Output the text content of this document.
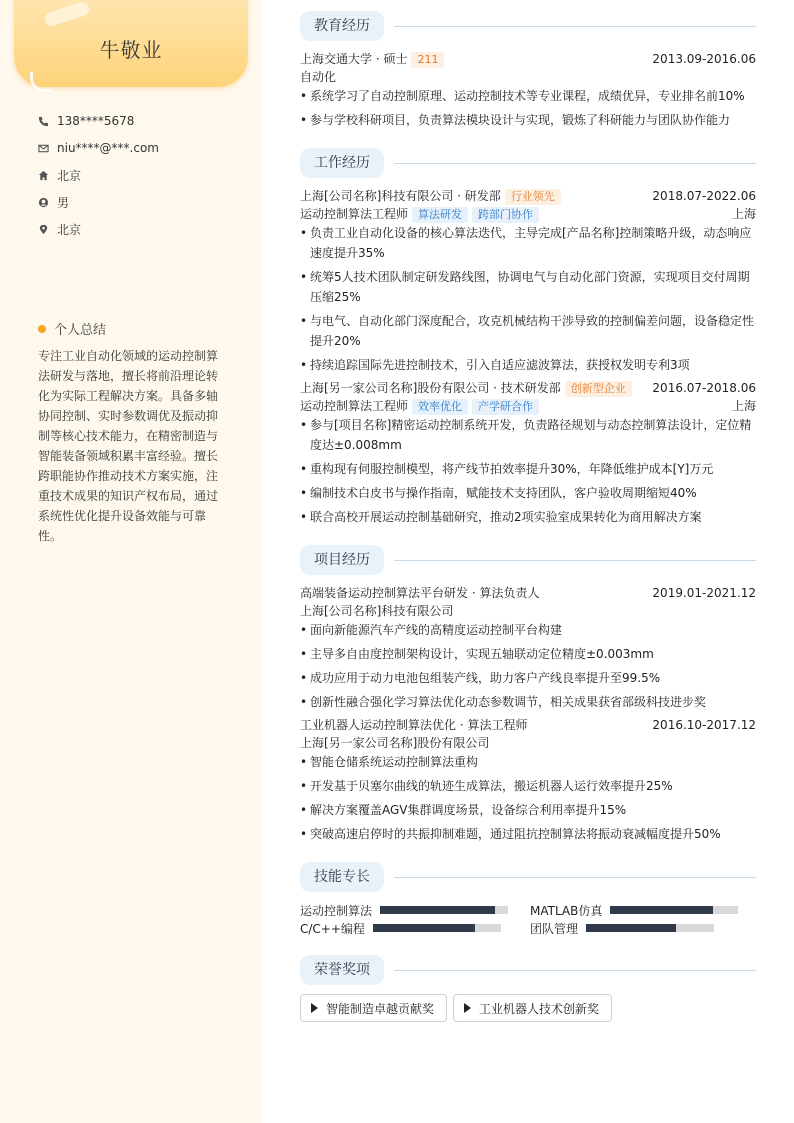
牛敬业
138****5678
niu****@***.com
北京
男
北京
个人总结
专注工业自动化领域的运动控制算法研发与落地，擅长将前沿理论转化为实际工程解决方案。具备多轴协同控制、实时参数调优及振动抑制等核心技术能力，在精密制造与智能装备领域积累丰富经验。擅长跨职能协作推动技术方案实施，注重技术成果的知识产权布局，通过系统性优化提升设备效能与可靠性。
教育经历
上海交通大学 · 硕士 211	2013.09-2016.06
自动化
• 系统学习了自动控制原理、运动控制技术等专业课程，成绩优异，专业排名前10%
• 参与学校科研项目，负责算法模块设计与实现，锻炼了科研能力与团队协作能力
工作经历
上海[公司名称]科技有限公司 · 研发部 行业领先	2018.07-2022.06
运动控制算法工程师 算法研发 跨部门协作	上海
• 负责工业自动化设备的核心算法迭代，主导完成[产品名称]控制策略升级，动态响应速度提升35%
• 统筹5人技术团队制定研发路线图，协调电气与自动化部门资源，实现项目交付周期压缩25%
• 与电气、自动化部门深度配合，攻克机械结构干涉导致的控制偏差问题，设备稳定性提升20%
• 持续追踪国际先进控制技术，引入自适应滤波算法，获授权发明专利3项
上海[另一家公司名称]股份有限公司 · 技术研发部 创新型企业 2016.07-2018.06
运动控制算法工程师 效率优化 产学研合作	上海
• 参与[项目名称]精密运动控制系统开发，负责路径规划与动态控制算法设计，定位精度达±0.008mm
• 重构现有伺服控制模型，将产线节拍效率提升30%，年降低维护成本[Y]万元
• 编制技术白皮书与操作指南，赋能技术支持团队，客户验收周期缩短40%
• 联合高校开展运动控制基础研究，推动2项实验室成果转化为商用解决方案
项目经历
高端装备运动控制算法平台研发 · 算法负责人	2019.01-2021.12
上海[公司名称]科技有限公司
• 面向新能源汽车产线的高精度运动控制平台构建
• 主导多自由度控制架构设计，实现五轴联动定位精度±0.003mm
• 成功应用于动力电池包组装产线，助力客户产线良率提升至99.5%
• 创新性融合强化学习算法优化动态参数调节，相关成果获省部级科技进步奖
工业机器人运动控制算法优化 · 算法工程师	2016.10-2017.12
上海[另一家公司名称]股份有限公司
• 智能仓储系统运动控制算法重构
• 开发基于贝塞尔曲线的轨迹生成算法，搬运机器人运行效率提升25%
• 解决方案覆盖AGV集群调度场景，设备综合利用率提升15%
• 突破高速启停时的共振抑制难题，通过阻抗控制算法将振动衰减幅度提升50%
技能专长
运动控制算法	MATLAB仿真
C/C++编程	团队管理
荣誉奖项
智能制造卓越贡献奖	工业机器人技术创新奖
